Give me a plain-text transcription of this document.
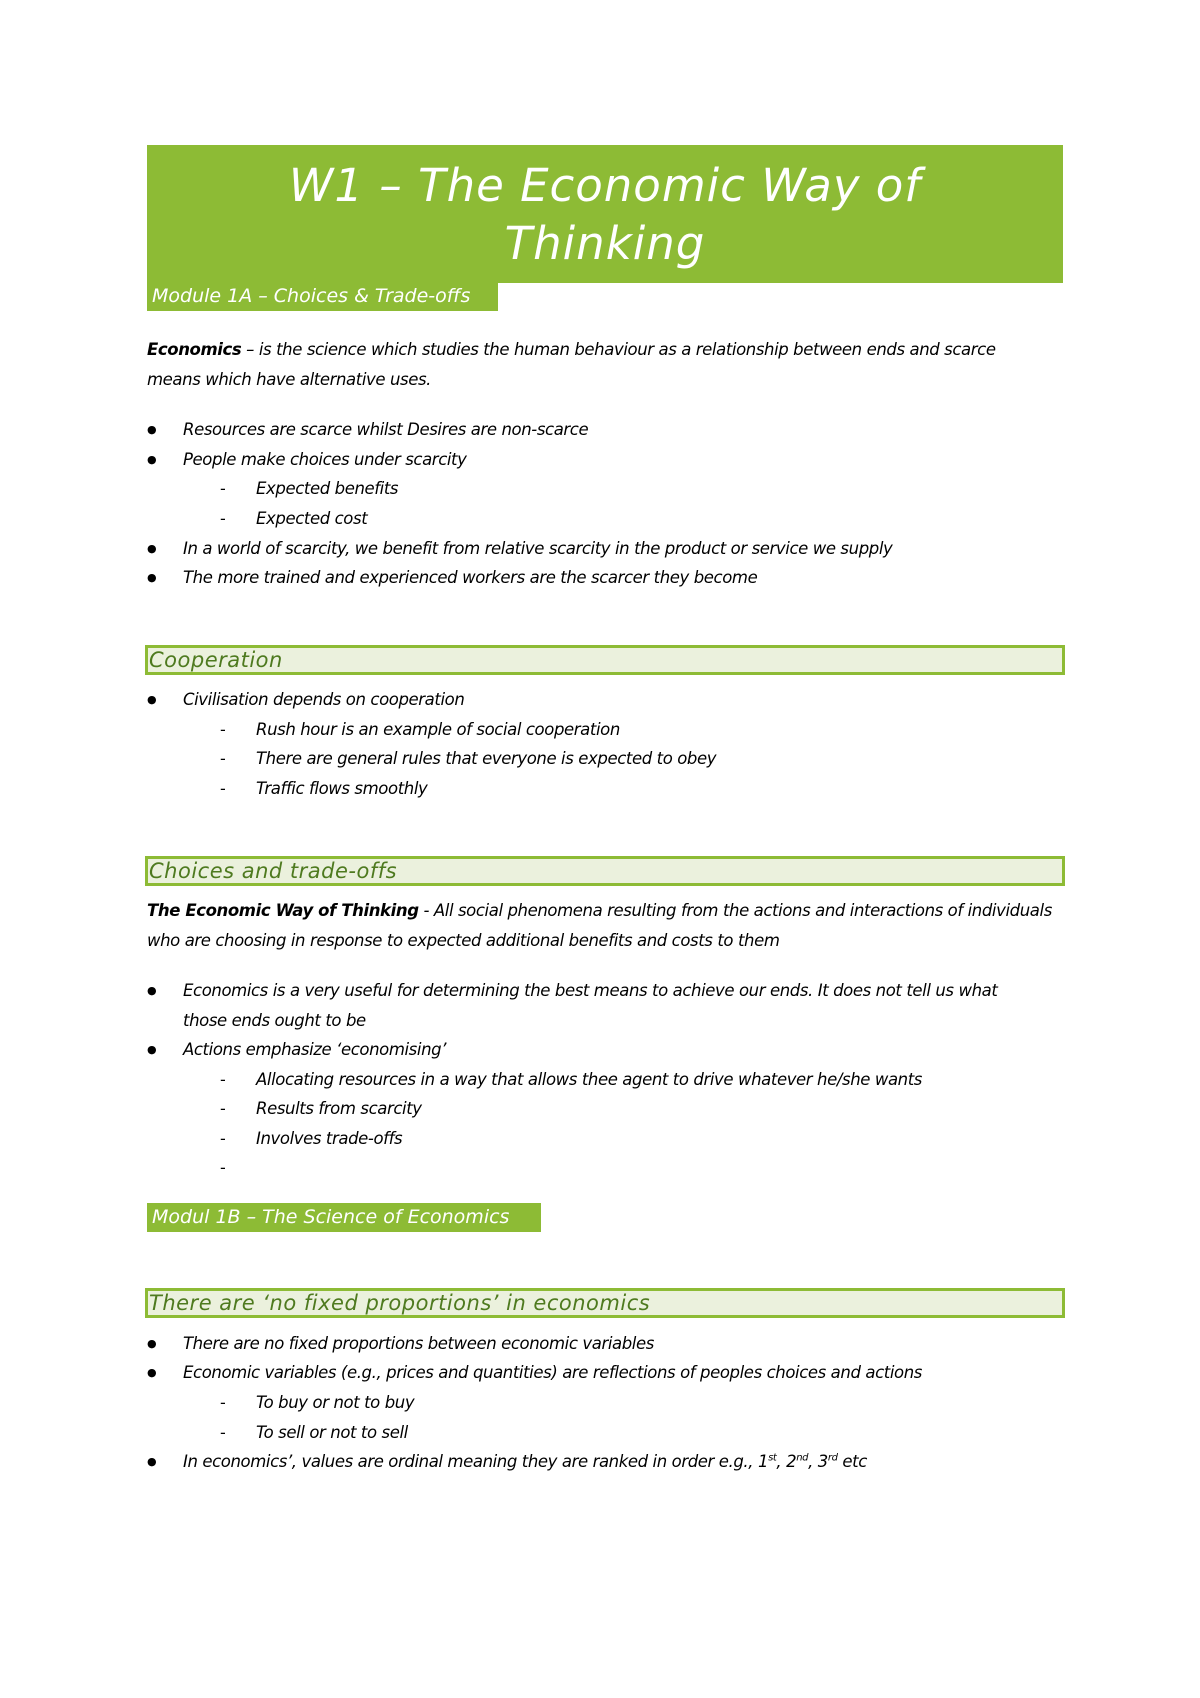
W1 – The Economic Way of
Thinking
Module 1A – Choices & Trade-offs
Economics – is the science which studies the human behaviour as a relationship between ends and scarce
means which have alternative uses.
● Resources are scarce whilst Desires are non-scarce
● People make choices under scarcity
- Expected benefits
- Expected cost
● In a world of scarcity, we benefit from relative scarcity in the product or service we supply
● The more trained and experienced workers are the scarcer they become
Cooperation
● Civilisation depends on cooperation
- Rush hour is an example of social cooperation
- There are general rules that everyone is expected to obey
- Traffic flows smoothly
Choices and trade-offs
The Economic Way of Thinking - All social phenomena resulting from the actions and interactions of individuals
who are choosing in response to expected additional benefits and costs to them
● Economics is a very useful for determining the best means to achieve our ends. It does not tell us what
those ends ought to be
● Actions emphasize ‘economising’
- Allocating resources in a way that allows thee agent to drive whatever he/she wants
- Results from scarcity
- Involves trade-offs
-
Modul 1B – The Science of Economics
There are ‘no fixed proportions’ in economics
● There are no fixed proportions between economic variables
● Economic variables (e.g., prices and quantities) are reflections of peoples choices and actions
- To buy or not to buy
- To sell or not to sell
● In economics’, values are ordinal meaning they are ranked in order e.g., 1st, 2nd, 3rd etc
